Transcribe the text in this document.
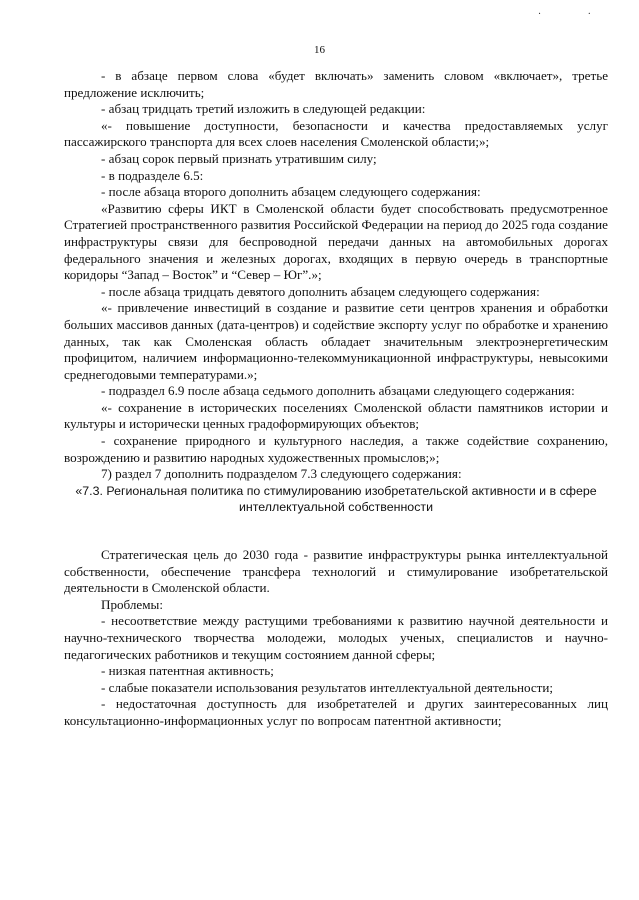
· ·
16

- в абзаце первом слова «будет включать» заменить словом «включает», третье предложение исключить;

- абзац тридцать третий изложить в следующей редакции:

«- повышение доступности, безопасности и качества предоставляемых услуг пассажирского транспорта для всех слоев населения Смоленской области;»;

- абзац сорок первый признать утратившим силу;

- в подразделе 6.5:

- после абзаца второго дополнить абзацем следующего содержания:

«Развитию сферы ИКТ в Смоленской области будет способствовать предусмотренное Стратегией пространственного развития Российской Федерации на период до 2025 года создание инфраструктуры связи для беспроводной передачи данных на автомобильных дорогах федерального значения и железных дорогах, входящих в первую очередь в транспортные коридоры “Запад – Восток” и “Север – Юг”.»;

- после абзаца тридцать девятого дополнить абзацем следующего содержания:

«- привлечение инвестиций в создание и развитие сети центров хранения и обработки больших массивов данных (дата-центров) и содействие экспорту услуг по обработке и хранению данных, так как Смоленская область обладает значительным электроэнергетическим профицитом, наличием информационно-телекоммуникационной инфраструктуры, невысокими среднегодовыми температурами.»;

- подраздел 6.9 после абзаца седьмого дополнить абзацами следующего содержания:

«- сохранение в исторических поселениях Смоленской области памятников истории и культуры и исторически ценных градоформирующих объектов;

- сохранение природного и культурного наследия, а также содействие сохранению, возрождению и развитию народных художественных промыслов;»;

7) раздел 7 дополнить подразделом 7.3 следующего содержания:

«7.3. Региональная политика по стимулированию изобретательской активности и в сфере интеллектуальной собственности

Стратегическая цель до 2030 года - развитие инфраструктуры рынка интеллектуальной собственности, обеспечение трансфера технологий и стимулирование изобретательской деятельности в Смоленской области.

Проблемы:

- несоответствие между растущими требованиями к развитию научной деятельности и научно-технического творчества молодежи, молодых ученых, специалистов и научно-педагогических работников и текущим состоянием данной сферы;

- низкая патентная активность;

- слабые показатели использования результатов интеллектуальной деятельности;

- недостаточная доступность для изобретателей и других заинтересованных лиц консультационно-информационных услуг по вопросам патентной активности;
